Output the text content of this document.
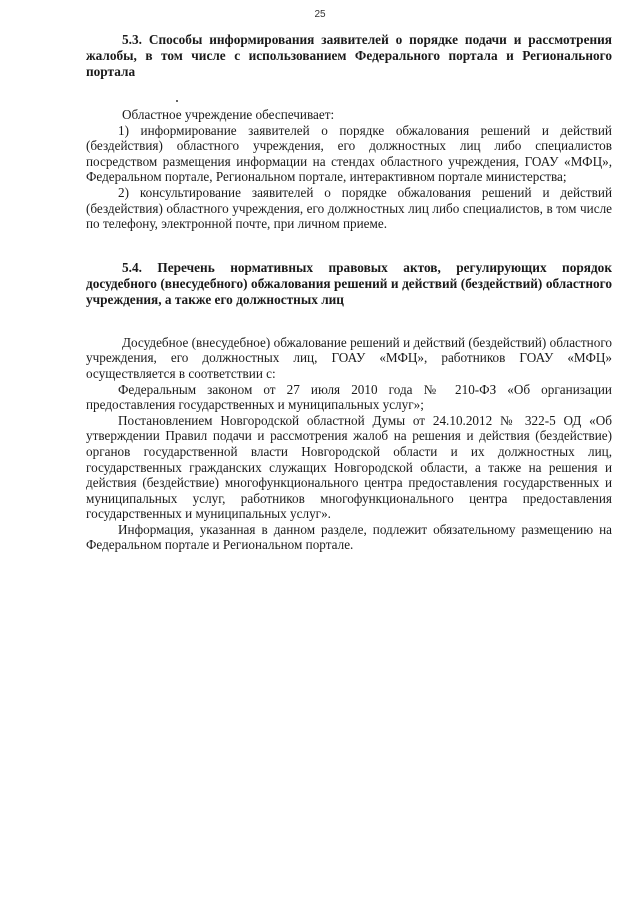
25

5.3. Способы информирования заявителей о порядке подачи и рассмотрения жалобы, в том числе с использованием Федерального портала и Регионального портала

Областное учреждение обеспечивает:

1) информирование заявителей о порядке обжалования решений и действий (бездействия) областного учреждения, его должностных лиц либо специалистов посредством размещения информации на стендах областного учреждения, ГОАУ «МФЦ», Федеральном портале, Региональном портале, интерактивном портале министерства;

2) консультирование заявителей о порядке обжалования решений и действий (бездействия) областного учреждения, его должностных лиц либо специалистов, в том числе по телефону, электронной почте, при личном приеме.

5.4. Перечень нормативных правовых актов, регулирующих порядок досудебного (внесудебного) обжалования решений и действий (бездействий) областного учреждения, а также его должностных лиц

Досудебное (внесудебное) обжалование решений и действий (бездействий) областного учреждения, его должностных лиц, ГОАУ «МФЦ», работников ГОАУ «МФЦ» осуществляется в соответствии с:

Федеральным законом от 27 июля 2010 года № 210-ФЗ «Об организации предоставления государственных и муниципальных услуг»;

Постановлением Новгородской областной Думы от 24.10.2012 № 322-5 ОД «Об утверждении Правил подачи и рассмотрения жалоб на решения и действия (бездействие) органов государственной власти Новгородской области и их должностных лиц, государственных гражданских служащих Новгородской области, а также на решения и действия (бездействие) многофункционального центра предоставления государственных и муниципальных услуг, работников многофункционального центра предоставления государственных и муниципальных услуг».

Информация, указанная в данном разделе, подлежит обязательному размещению на Федеральном портале и Региональном портале.
